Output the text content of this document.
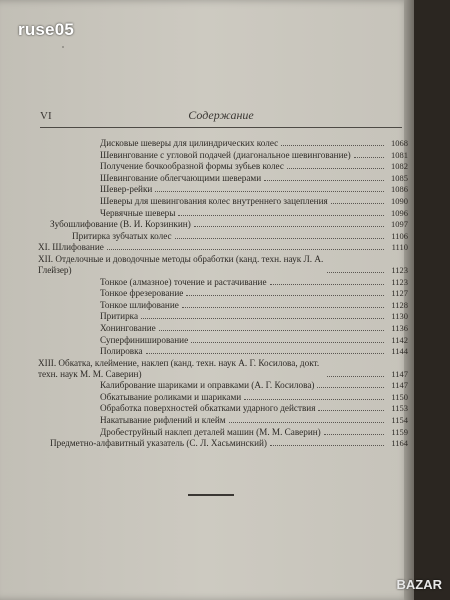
ruse05
VI	Содержание
Дисковые шеверы для цилиндрических колес	1068
Шевингование с угловой подачей (диагональное шевингование)	1081
Получение бочкообразной формы зубьев колес	1082
Шевингование облегчающими шеверами	1085
Шевер-рейки	1086
Шеверы для шевингования колес внутреннего зацепления	1090
Червячные шеверы	1096
Зубошлифование (В. И. Корзинкин)	1097
Притирка зубчатых колес	1106
XI. Шлифование	1110
XII. Отделочные и доводочные методы обработки (канд. техн. наук Л. А. Глейзер)	1123
Тонкое (алмазное) точение и растачивание	1123
Тонкое фрезерование	1127
Тонкое шлифование	1128
Притирка	1130
Хонингование	1136
Суперфиниширование	1142
Полировка	1144
XIII. Обкатка, клеймение, наклеп (канд. техн. наук А. Г. Косилова, докт. техн. наук М. М. Саверин)	1147
Калибрование шариками и оправками (А. Г. Косилова)	1147
Обкатывание роликами и шариками	1150
Обработка поверхностей обкатками ударного действия	1153
Накатывание рифлений и клейм	1154
Дробеструйный наклеп деталей машин (М. М. Саверин)	1159
Предметно-алфавитный указатель (С. Л. Хасьминский)	1164
BAZAR
